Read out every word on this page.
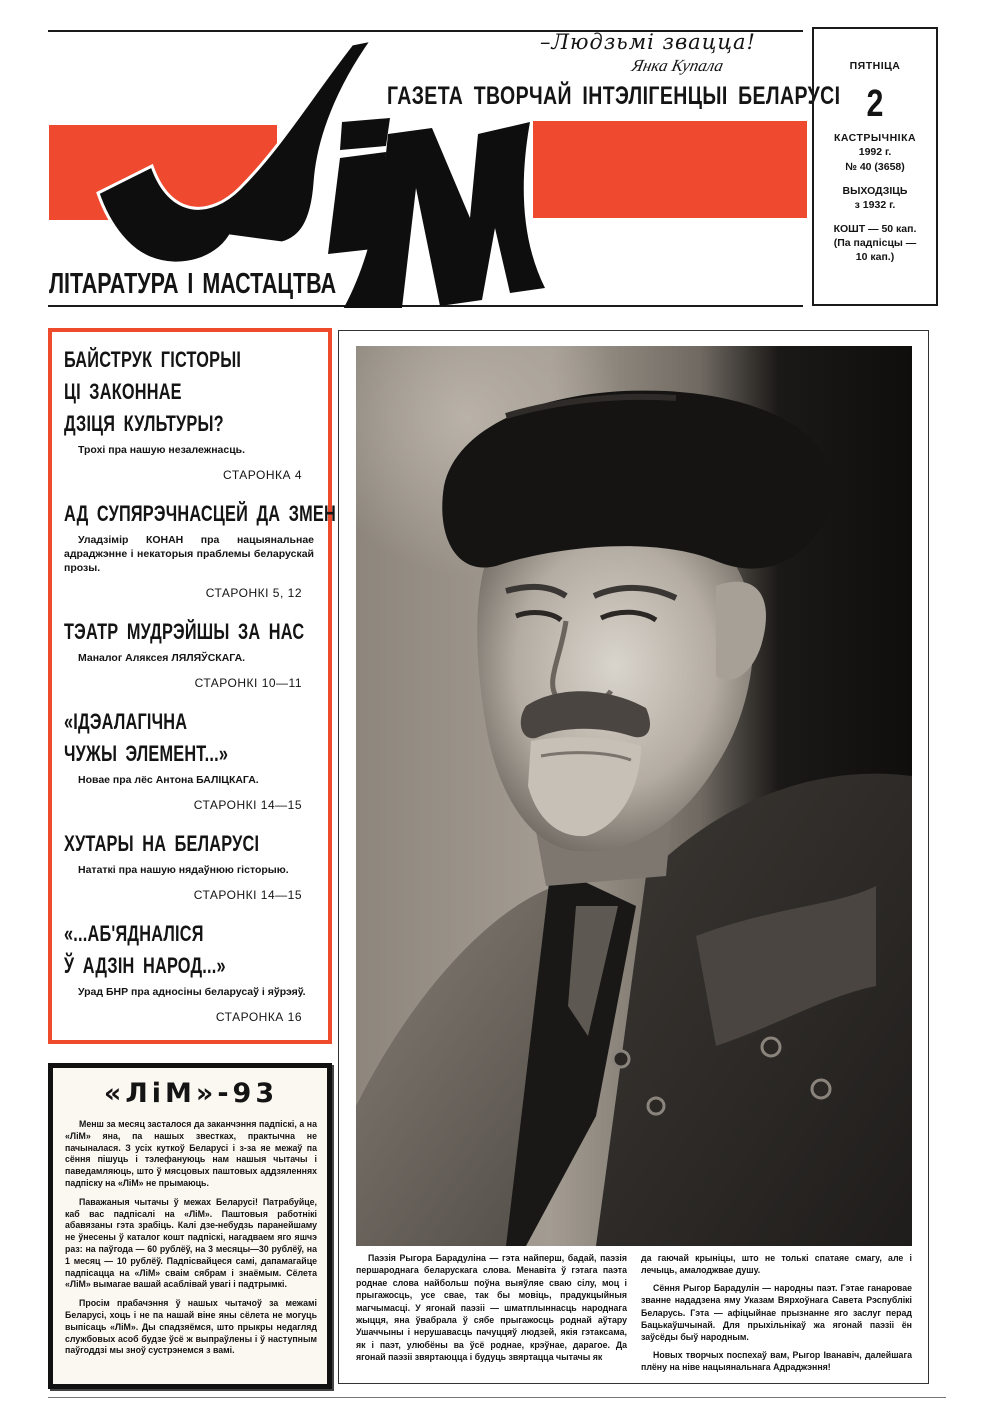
–Людзьмі звацца!
Янка Купала
ГАЗЕТА ТВОРЧАЙ ІНТЭЛІГЕНЦЫІ БЕЛАРУСІ
ЛІТАРАТУРА І МАСТАЦТВА
ПЯТНІЦА
2
КАСТРЫЧНІКА
1992 г.
№ 40 (3658)
ВЫХОДЗІЦЬ
з 1932 г.
КОШТ — 50 кап.
(Па падпісцы —
10 кап.)
БАЙСТРУК ГІСТОРЫІ
ЦІ ЗАКОННАЕ
ДЗІЦЯ КУЛЬТУРЫ?
Трохі пра нашую незалежнасць.
СТАРОНКА 4
АД СУПЯРЭЧНАСЦЕЙ ДА ЗМЕН
Уладзімір КОНАН пра нацыянальнае адраджэнне і некаторыя праблемы беларускай прозы.
СТАРОНКІ 5, 12
ТЭАТР МУДРЭЙШЫ ЗА НАС
Маналог Аляксея ЛЯЛЯЎСКАГА.
СТАРОНКІ 10—11
«ІДЭАЛАГІЧНА
ЧУЖЫ ЭЛЕМЕНТ...»
Новае пра лёс Антона БАЛІЦКАГА.
СТАРОНКІ 14—15
ХУТАРЫ НА БЕЛАРУСІ
Нататкі пра нашую нядаўнюю гісторыю.
СТАРОНКІ 14—15
«...АБ'ЯДНАЛІСЯ
Ў АДЗІН НАРОД...»
Урад БНР пра адносіны беларусаў і яўрэяў.
СТАРОНКА 16
«ЛіМ»-93

Менш за месяц засталося да заканчэння падпіскі, а на «ЛіМ» яна, па нашых звестках, практычна не пачыналася. З усіх куткоў Беларусі і з-за яе межаў па сёння пішуць і тэлефануюць нам нашыя чытачы і паведамляюць, што ў мясцовых паштовых аддзяленнях падпіску на «ЛіМ» не прымаюць.

Паважаныя чытачы ў межах Беларусі! Патрабуйце, каб вас падпісалі на «ЛіМ». Паштовыя работнікі абавязаны гэта зрабіць. Калі дзе-небудзь паранейшаму не ўнесены ў каталог кошт падпіскі, нагадваем яго яшчэ раз: на паўгода — 60 рублёў, на 3 месяцы—30 рублёў, на 1 месяц — 10 рублёў. Падпісвайцеся самі, дапамагайце падпісацца на «ЛіМ» сваім сябрам і знаёмым. Сёлета «ЛіМ» вымагае вашай асаблівай увагі і падтрымкі.

Просім прабачэння ў нашых чытачоў за межамі Беларусі, хоць і не па нашай віне яны сёлета не могуць выпісаць «ЛіМ». Ды спадзяёмся, што прыкры недагляд службовых асоб будзе ўсё ж выпраўлены і ў наступным паўгоддзі мы зноў сустрэнемся з вамі.

Паэзія Рыгора Барадуліна — гэта найперш, бадай, паэзія першароднага беларускага слова. Менавіта ў гэтага паэта роднае слова найбольш поўна выяўляе сваю сілу, моц і прыгажосць, усе свае, так бы мовіць, прадукцыйныя магчымасці. У ягонай паэзіі — шматплыннасць народнага жыцця, яна ўвабрала ў сябе прыгажосць роднай аўтару Ушаччыны і нерушавасць пачуццяў людзей, якія гэтаксама, як і паэт, улюбёны ва ўсё роднае, крэўнае, дарагое. Да ягонай паэзіі звяртаюцца і будуць звяртацца чытачы як

да гаючай крыніцы, што не толькі спатаяе смагу, але і лечыць, амалоджвае душу.

Сёння Рыгор Барадулін — народны паэт. Гэтае ганаровае званне нададзена яму Указам Вярхоўнага Савета Рэспублікі Беларусь. Гэта — афіцыйнае прызнанне яго заслуг перад Бацькаўшчынай. Для прыхільнікаў жа ягонай паэзіі ён заўсёды быў народным.

Новых творчых поспехаў вам, Рыгор Іванавіч, далейшага плёну на ніве нацыянальнага Адраджэння!
